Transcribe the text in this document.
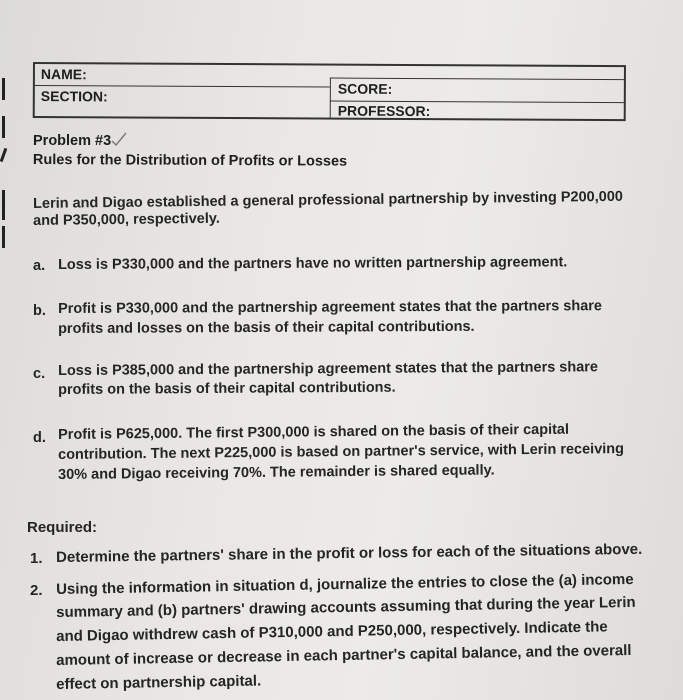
NAME:
SECTION:	SCORE:
PROFESSOR:
Problem #3
Rules for the Distribution of Profits or Losses
Lerin and Digao established a general professional partnership by investing P200,000
and P350,000, respectively.
a. Loss is P330,000 and the partners have no written partnership agreement.
b. Profit is P330,000 and the partnership agreement states that the partners share
profits and losses on the basis of their capital contributions.
c. Loss is P385,000 and the partnership agreement states that the partners share
profits on the basis of their capital contributions.
d. Profit is P625,000. The first P300,000 is shared on the basis of their capital
contribution. The next P225,000 is based on partner's service, with Lerin receiving
30% and Digao receiving 70%. The remainder is shared equally.
Required:
1. Determine the partners' share in the profit or loss for each of the situations above.
2. Using the information in situation d, journalize the entries to close the (a) income
summary and (b) partners' drawing accounts assuming that during the year Lerin
and Digao withdrew cash of P310,000 and P250,000, respectively. Indicate the
amount of increase or decrease in each partner's capital balance, and the overall
effect on partnership capital.
